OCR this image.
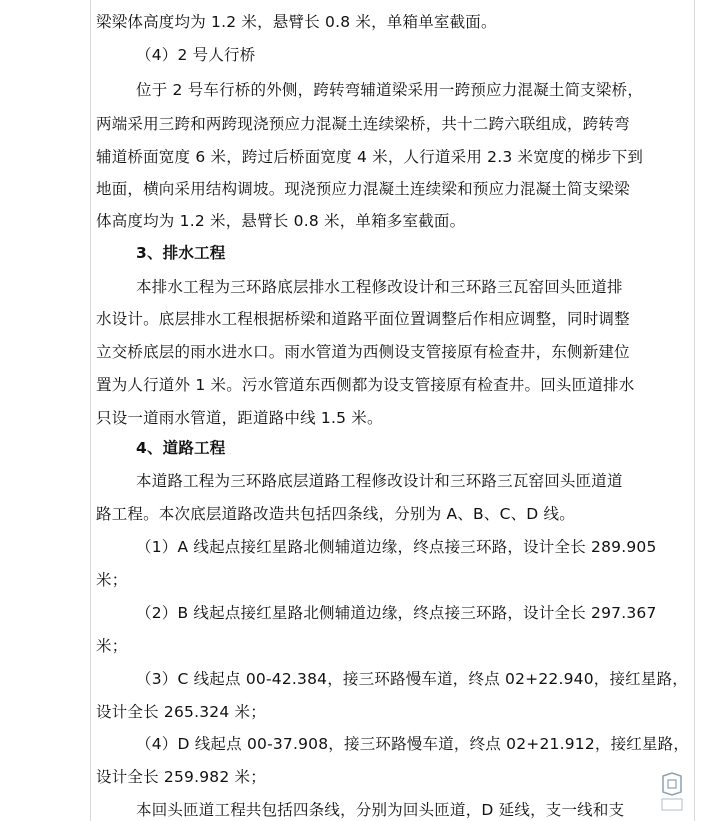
梁梁体高度均为 1.2 米，悬臂长 0.8 米，单箱单室截面。
（4）2 号人行桥
位于 2 号车行桥的外侧，跨转弯辅道梁采用一跨预应力混凝土简支梁桥，
两端采用三跨和两跨现浇预应力混凝土连续梁桥，共十二跨六联组成，跨转弯
辅道桥面宽度 6 米，跨过后桥面宽度 4 米，人行道采用 2.3 米宽度的梯步下到
地面，横向采用结构调坡。现浇预应力混凝土连续梁和预应力混凝土简支梁梁
体高度均为 1.2 米，悬臂长 0.8 米，单箱多室截面。
3、排水工程
本排水工程为三环路底层排水工程修改设计和三环路三瓦窑回头匝道排
水设计。底层排水工程根据桥梁和道路平面位置调整后作相应调整，同时调整
立交桥底层的雨水进水口。雨水管道为西侧设支管接原有检查井，东侧新建位
置为人行道外 1 米。污水管道东西侧都为设支管接原有检查井。回头匝道排水
只设一道雨水管道，距道路中线 1.5 米。
4、道路工程
本道路工程为三环路底层道路工程修改设计和三环路三瓦窑回头匝道道
路工程。本次底层道路改造共包括四条线，分别为 A、B、C、D 线。
（1）A 线起点接红星路北侧辅道边缘，终点接三环路，设计全长 289.905
米；
（2）B 线起点接红星路北侧辅道边缘，终点接三环路，设计全长 297.367
米；
（3）C 线起点 00-42.384，接三环路慢车道，终点 02+22.940，接红星路，
设计全长 265.324 米；
（4）D 线起点 00-37.908，接三环路慢车道，终点 02+21.912，接红星路，
设计全长 259.982 米；
本回头匝道工程共包括四条线，分别为回头匝道，D 延线，支一线和支
